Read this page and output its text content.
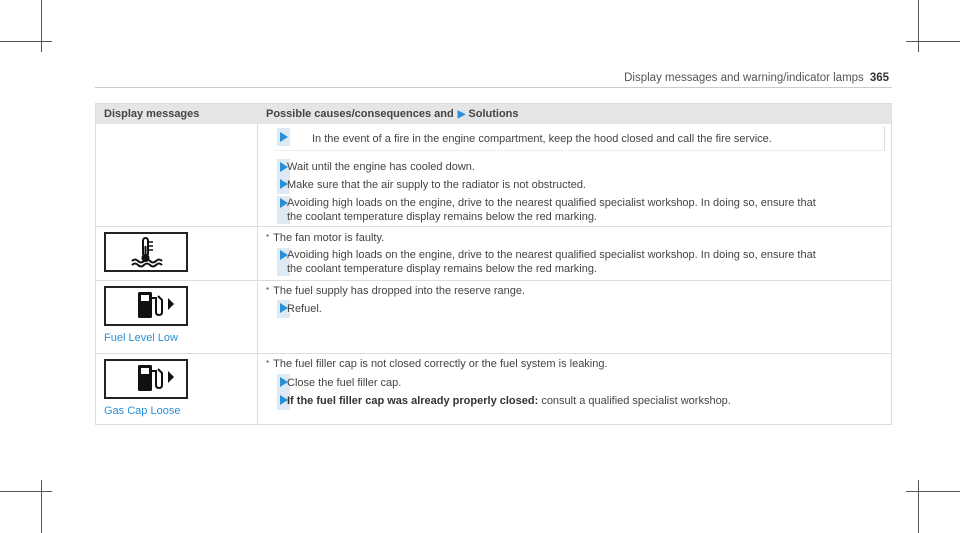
Display messages and warning/indicator lamps 365
Display messages	Possible causes/consequences and ▶ Solutions
In the event of a fire in the engine compartment, keep the hood closed and call the fire service.
Wait until the engine has cooled down.
Make sure that the air supply to the radiator is not obstructed.
Avoiding high loads on the engine, drive to the nearest qualified specialist workshop. In doing so, ensure that
the coolant temperature display remains below the red marking.
* The fan motor is faulty.
Avoiding high loads on the engine, drive to the nearest qualified specialist workshop. In doing so, ensure that
the coolant temperature display remains below the red marking.
Fuel Level Low
* The fuel supply has dropped into the reserve range.
Refuel.
Gas Cap Loose
* The fuel filler cap is not closed correctly or the fuel system is leaking.
Close the fuel filler cap.
If the fuel filler cap was already properly closed: consult a qualified specialist workshop.
